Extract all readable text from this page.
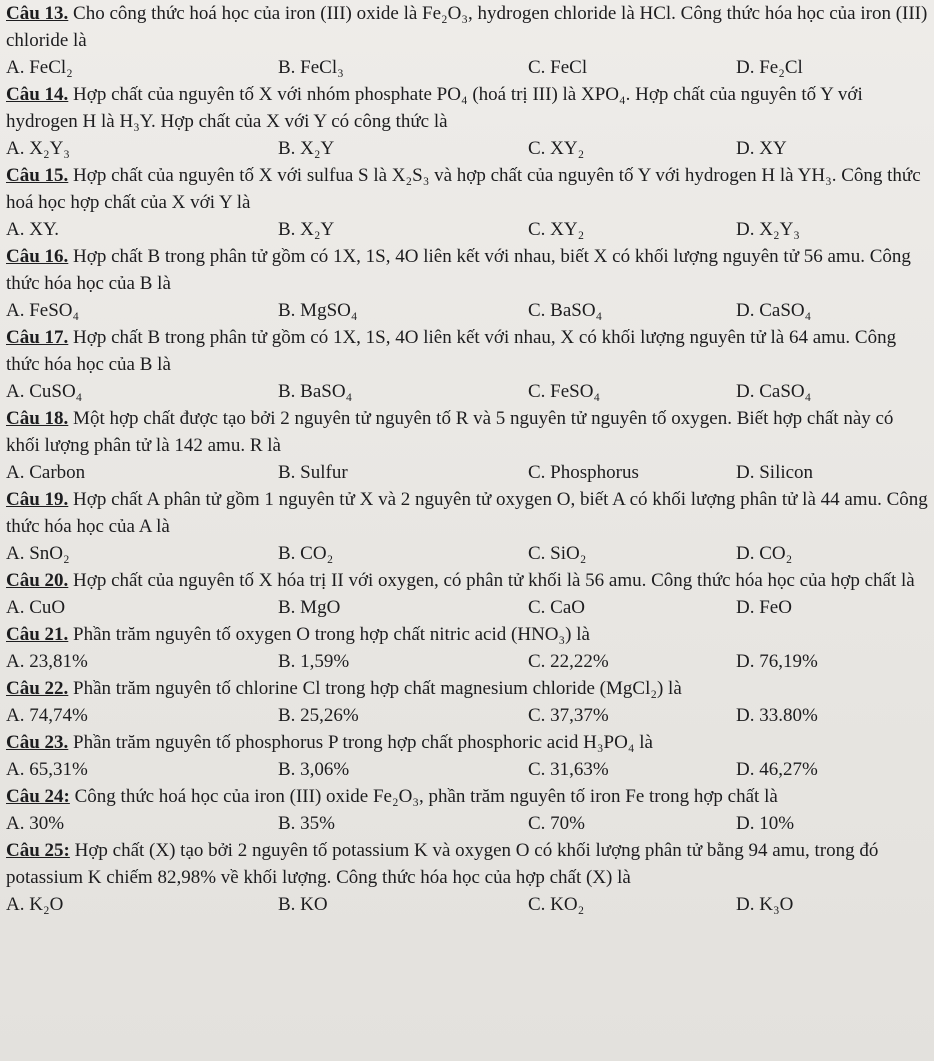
Câu 13. Cho công thức hoá học của iron (III) oxide là Fe₂O₃, hydrogen chloride là HCl. Công thức hóa học của iron (III) chloride là

A. FeCl₂	B. FeCl₃	C. FeCl	D. Fe₂Cl

Câu 14. Hợp chất của nguyên tố X với nhóm phosphate PO₄ (hoá trị III) là XPO₄. Hợp chất của nguyên tố Y với hydrogen H là H₃Y. Hợp chất của X với Y có công thức là

A. X₂Y₃	B. X₂Y	C. XY₂	D. XY

Câu 15. Hợp chất của nguyên tố X với sulfua S là X₂S₃ và hợp chất của nguyên tố Y với hydrogen H là YH₃. Công thức hoá học hợp chất của X với Y là

A. XY.	B. X₂Y	C. XY₂	D. X₂Y₃

Câu 16. Hợp chất B trong phân tử gồm có 1X, 1S, 4O liên kết với nhau, biết X có khối lượng nguyên tử 56 amu. Công thức hóa học của B là

A. FeSO₄	B. MgSO₄	C. BaSO₄	D. CaSO₄

Câu 17. Hợp chất B trong phân tử gồm có 1X, 1S, 4O liên kết với nhau, X có khối lượng nguyên tử là 64 amu. Công thức hóa học của B là

A. CuSO₄	B. BaSO₄	C. FeSO₄	D. CaSO₄

Câu 18. Một hợp chất được tạo bởi 2 nguyên tử nguyên tố R và 5 nguyên tử nguyên tố oxygen. Biết hợp chất này có khối lượng phân tử là 142 amu. R là

A. Carbon	B. Sulfur	C. Phosphorus	D. Silicon

Câu 19. Hợp chất A phân tử gồm 1 nguyên tử X và 2 nguyên tử oxygen O, biết A có khối lượng phân tử là 44 amu. Công thức hóa học của A là

A. SnO₂	B. CO₂	C. SiO₂	D. CO₂

Câu 20. Hợp chất của nguyên tố X hóa trị II với oxygen, có phân tử khối là 56 amu. Công thức hóa học của hợp chất là

A. CuO	B. MgO	C. CaO	D. FeO

Câu 21. Phần trăm nguyên tố oxygen O trong hợp chất nitric acid (HNO₃) là

A. 23,81%	B. 1,59%	C. 22,22%	D. 76,19%

Câu 22. Phần trăm nguyên tố chlorine Cl trong hợp chất magnesium chloride (MgCl₂) là

A. 74,74%	B. 25,26%	C. 37,37%	D. 33.80%

Câu 23. Phần trăm nguyên tố phosphorus P trong hợp chất phosphoric acid H₃PO₄ là

A. 65,31%	B. 3,06%	C. 31,63%	D. 46,27%

Câu 24: Công thức hoá học của iron (III) oxide Fe₂O₃, phần trăm nguyên tố iron Fe trong hợp chất là

A. 30%	B. 35%	C. 70%	D. 10%

Câu 25: Hợp chất (X) tạo bởi 2 nguyên tố potassium K và oxygen O có khối lượng phân tử bằng 94 amu, trong đó potassium K chiếm 82,98% về khối lượng. Công thức hóa học của hợp chất (X) là

A. K₂O	B. KO	C. KO₂	D. K₃O
